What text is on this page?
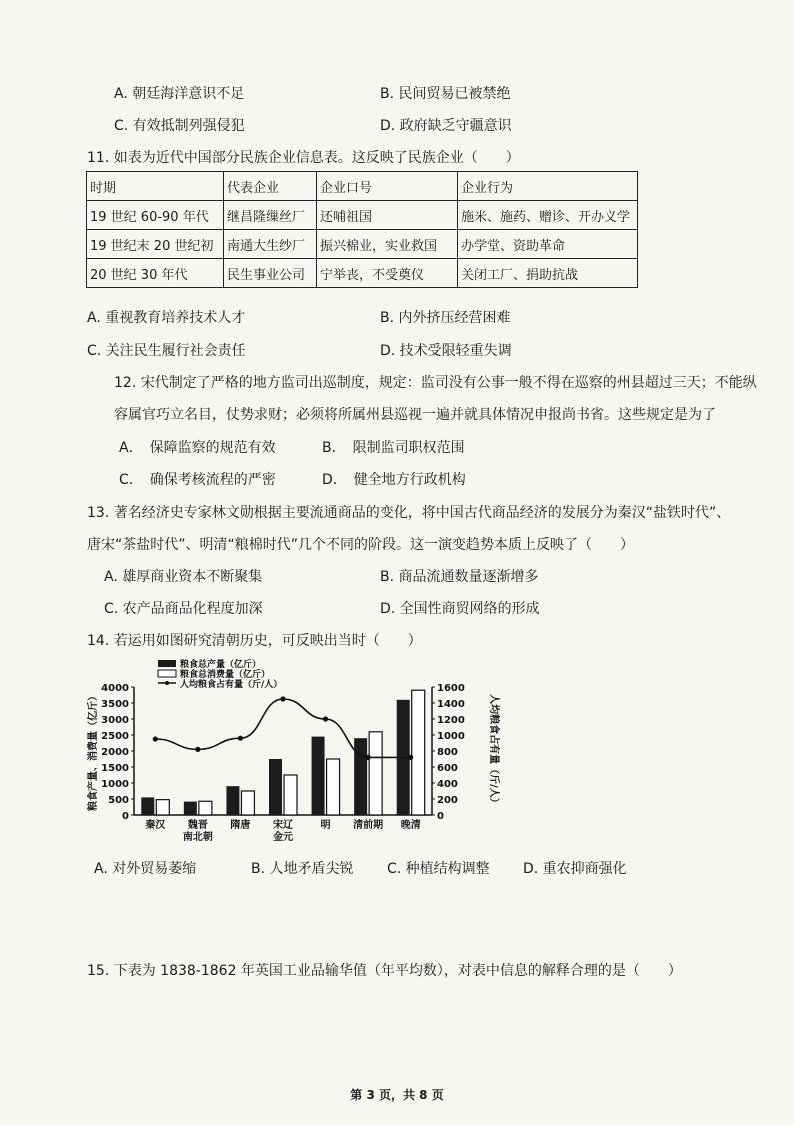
A. 朝廷海洋意识不足	B. 民间贸易已被禁绝
C. 有效抵制列强侵犯	D. 政府缺乏守疆意识
11. 如表为近代中国部分民族企业信息表。这反映了民族企业（　　）
时期	代表企业	企业口号	企业行为
19 世纪 60-90 年代	继昌隆缫丝厂	还哺祖国	施米、施药、赠诊、开办义学
19 世纪末 20 世纪初	南通大生纱厂	振兴棉业，实业救国	办学堂、资助革命
20 世纪 30 年代	民生事业公司	宁举丧，不受奠仪	关闭工厂、捐助抗战
A. 重视教育培养技术人才	B. 内外挤压经营困难
C. 关注民生履行社会责任	D. 技术受限轻重失调
12. 宋代制定了严格的地方监司出巡制度，规定：监司没有公事一般不得在巡察的州县超过三天；不能纵
容属官巧立名目，仗势求财；必须将所属州县巡视一遍并就具体情况申报尚书省。这些规定是为了
A．　保障监察的规范有效	B．　限制监司职权范围
C．　确保考核流程的严密	D．　健全地方行政机构
13. 著名经济史专家林文勋根据主要流通商品的变化，将中国古代商品经济的发展分为秦汉“盐铁时代”、
唐宋“茶盐时代”、明清“粮棉时代”几个不同的阶段。这一演变趋势本质上反映了（　　）
A. 雄厚商业资本不断聚集	B. 商品流通数量逐渐增多
C. 农产品商品化程度加深	D. 全国性商贸网络的形成
14. 若运用如图研究清朝历史，可反映出当时（　　）
4000
3500
3000
2500
2000
1500
1000
500
0
1600
1400
1200
1000
800
600
400
200
0
粮食产量、消费量（亿斤）	人均粮食占有量（斤/人）
秦汉 魏晋
南北朝
隋唐 宋辽
金元
明 清前期 晚清
粮食总产量（亿斤）
粮食总消费量（亿斤）
人均粮食占有量（斤/人）
A. 对外贸易萎缩	B. 人地矛盾尖锐 C. 种植结构调整 D. 重农抑商强化
15. 下表为 1838-1862 年英国工业品输华值（年平均数），对表中信息的解释合理的是（　　）
第 3 页，共 8 页
